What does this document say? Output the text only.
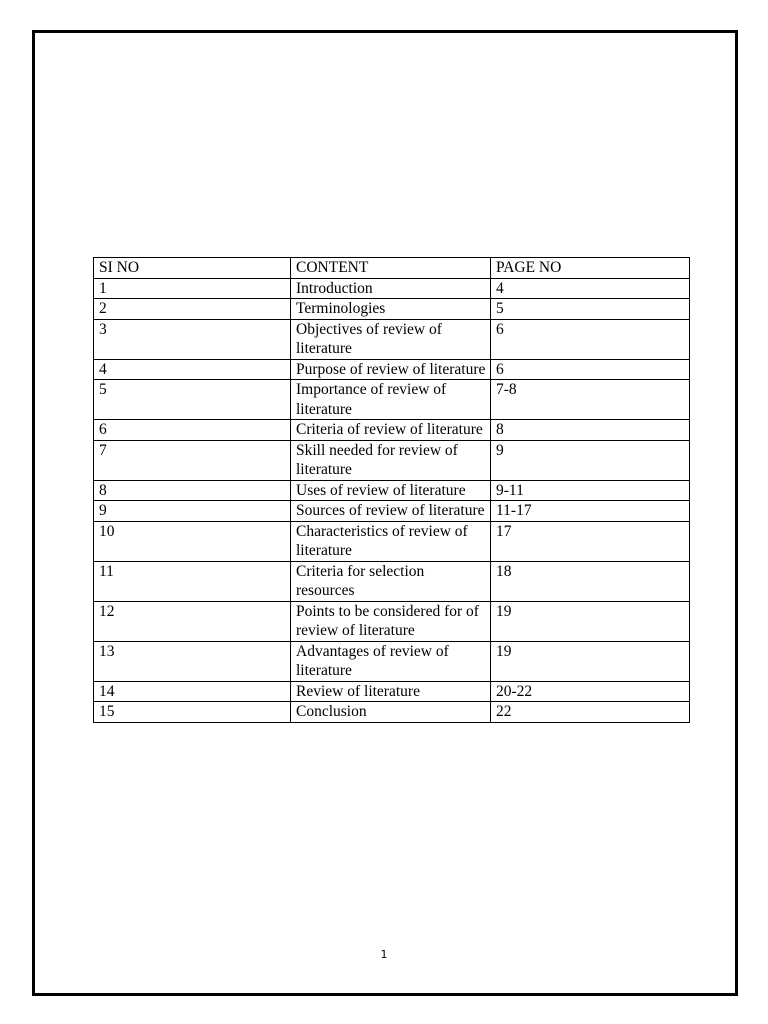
SI NO	CONTENT	PAGE NO
1	Introduction	4
2	Terminologies	5
3	Objectives of review of literature	6
4	Purpose of review of literature	6
5	Importance of review of literature	7-8
6	Criteria of review of literature	8
7	Skill needed for review of literature	9
8	Uses of review of literature	9-11
9	Sources of review of literature	11-17
10	Characteristics of review of literature	17
11	Criteria for selection resources	18
12	Points to be considered for of review of literature	19
13	Advantages of review of literature	19
14	Review of literature	20-22
15	Conclusion	22
1
